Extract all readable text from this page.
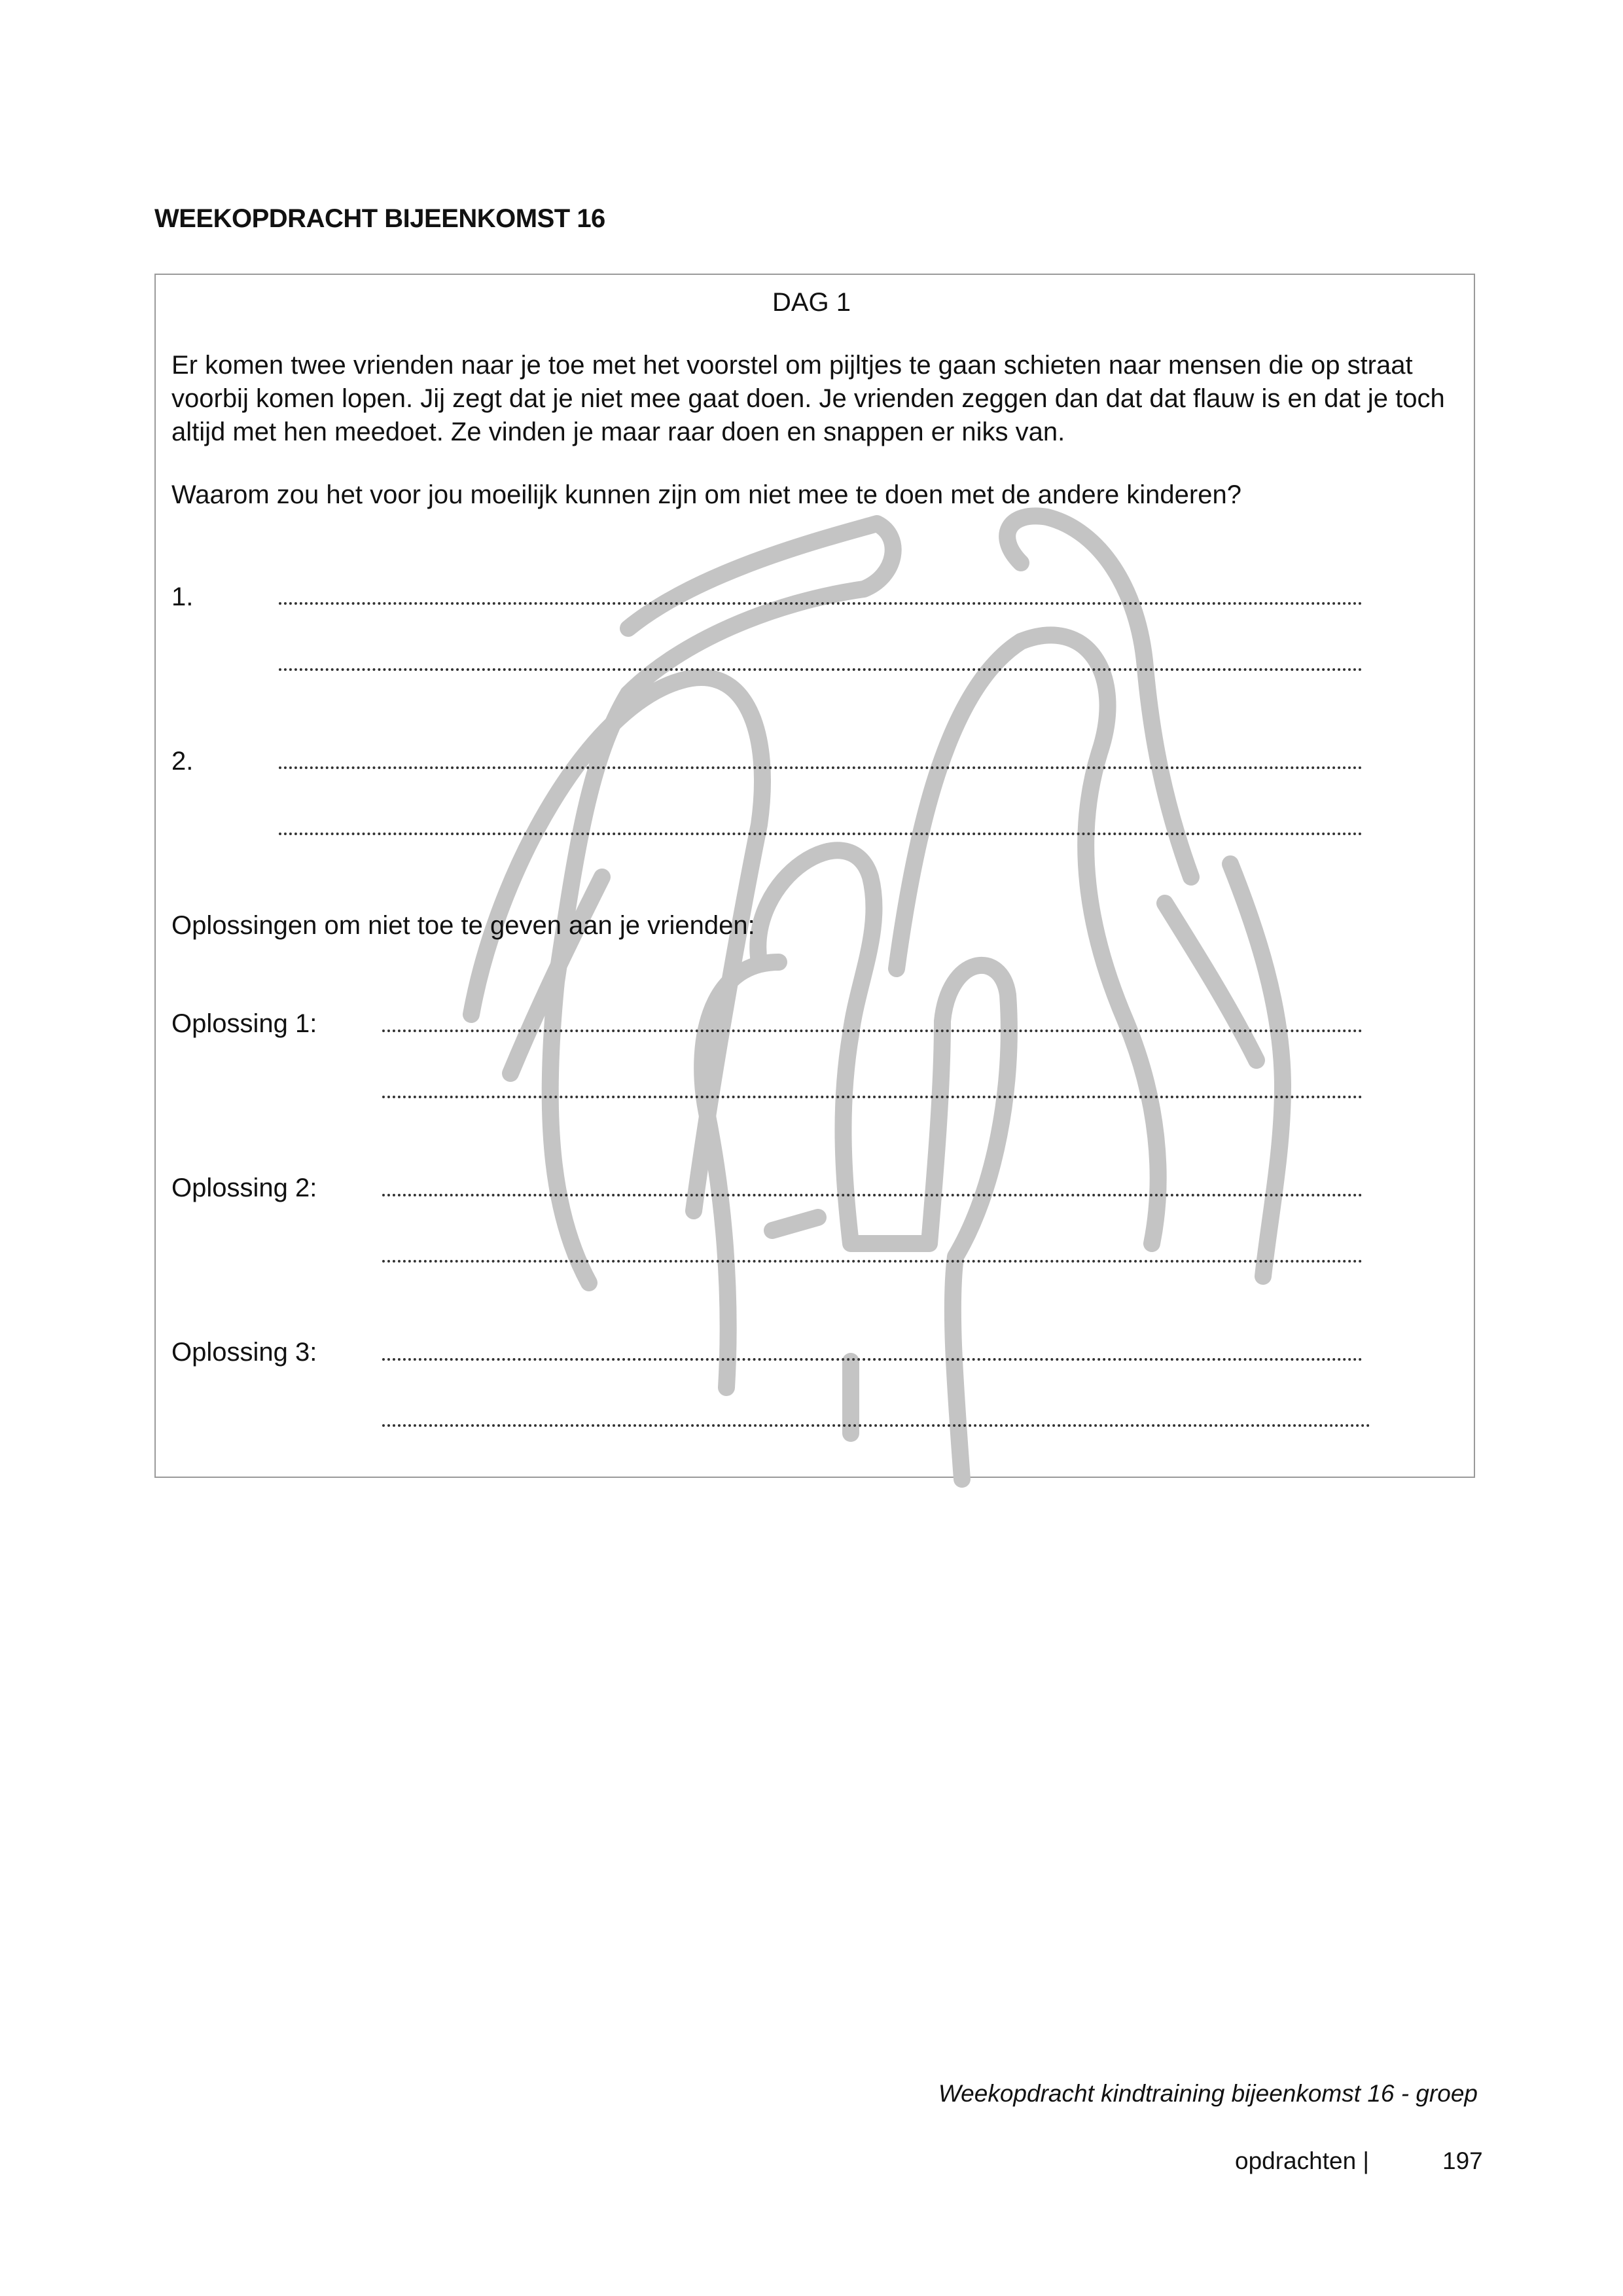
WEEKOPDRACHT BIJEENKOMST 16
DAG 1
Er komen twee vrienden naar je toe met het voorstel om pijltjes te gaan schieten naar mensen die op straat voorbij komen lopen. Jij zegt dat je niet mee gaat doen. Je vrienden zeggen dan dat dat flauw is en dat je toch altijd met hen meedoet. Ze vinden je maar raar doen en snappen er niks van.
Waarom zou het voor jou moeilijk kunnen zijn om niet mee te doen met de andere kinderen?
1.
2.
Oplossingen om niet toe te geven aan je vrienden:
Oplossing 1:
Oplossing 2:
Oplossing 3:
Weekopdracht kindtraining bijeenkomst 16 - groep
opdrachten |	197
